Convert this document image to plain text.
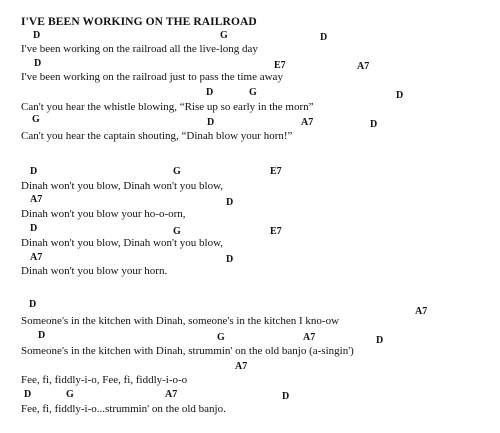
I'VE BEEN WORKING ON THE RAILROAD
D	G	D
I've been working on the railroad all the live-long day
D	E7	A7
I've been working on the railroad just to pass the time away
D	G	D
Can't you hear the whistle blowing, “Rise up so early in the morn”
G	D	A7	D
Can't you hear the captain shouting, “Dinah blow your horn!”
D	G	E7
Dinah won't you blow, Dinah won't you blow,
A7	D
Dinah won't you blow your ho-o-orn,
D	G	E7
Dinah won't you blow, Dinah won't you blow,
A7	D
Dinah won't you blow your horn.
D
A7
Someone's in the kitchen with Dinah, someone's in the kitchen I kno-ow
D	G	A7	D
Someone's in the kitchen with Dinah, strummin' on the old banjo (a-singin')
A7
Fee, fi, fiddly-i-o, Fee, fi, fiddly-i-o-o
D	G	A7	D
Fee, fi, fiddly-i-o...strummin' on the old banjo.
